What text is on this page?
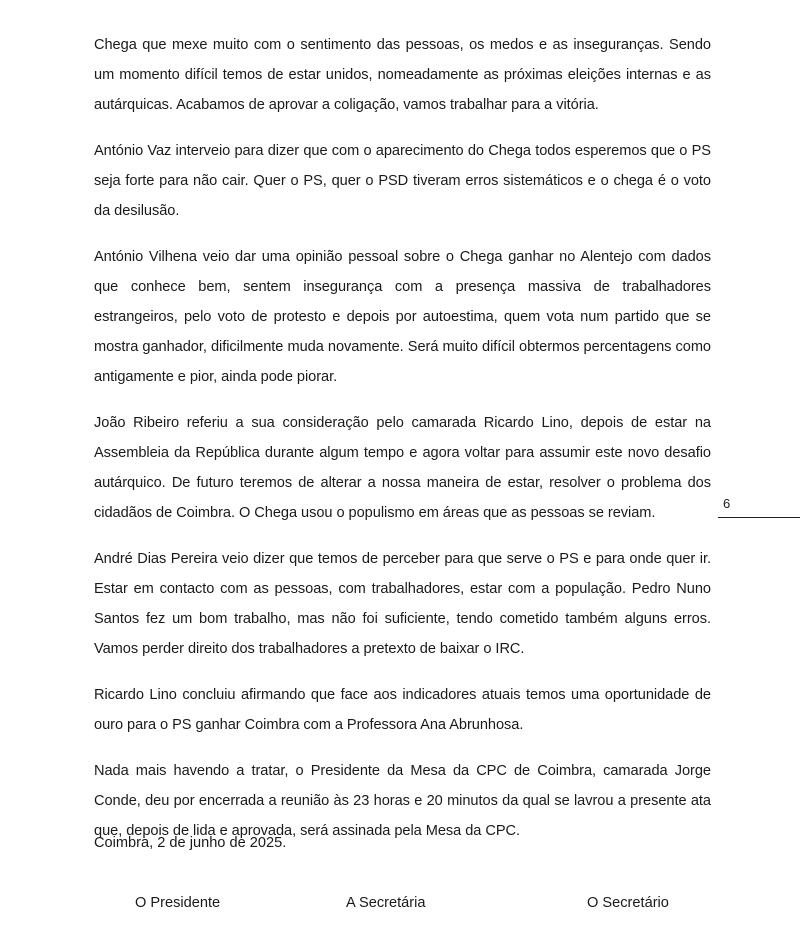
Chega que mexe muito com o sentimento das pessoas, os medos e as inseguranças. Sendo um momento difícil temos de estar unidos, nomeadamente as próximas eleições internas e as autárquicas. Acabamos de aprovar a coligação, vamos trabalhar para a vitória.

António Vaz interveio para dizer que com o aparecimento do Chega todos esperemos que o PS seja forte para não cair. Quer o PS, quer o PSD tiveram erros sistemáticos e o chega é o voto da desilusão.

António Vilhena veio dar uma opinião pessoal sobre o Chega ganhar no Alentejo com dados que conhece bem, sentem insegurança com a presença massiva de trabalhadores estrangeiros, pelo voto de protesto e depois por autoestima, quem vota num partido que se mostra ganhador, dificilmente muda novamente. Será muito difícil obtermos percentagens como antigamente e pior, ainda pode piorar.

João Ribeiro referiu a sua consideração pelo camarada Ricardo Lino, depois de estar na Assembleia da República durante algum tempo e agora voltar para assumir este novo desafio autárquico. De futuro teremos de alterar a nossa maneira de estar, resolver o problema dos cidadãos de Coimbra. O Chega usou o populismo em áreas que as pessoas se reviam.

André Dias Pereira veio dizer que temos de perceber para que serve o PS e para onde quer ir. Estar em contacto com as pessoas, com trabalhadores, estar com a população. Pedro Nuno Santos fez um bom trabalho, mas não foi suficiente, tendo cometido também alguns erros. Vamos perder direito dos trabalhadores a pretexto de baixar o IRC.

Ricardo Lino concluiu afirmando que face aos indicadores atuais temos uma oportunidade de ouro para o PS ganhar Coimbra com a Professora Ana Abrunhosa.

Nada mais havendo a tratar, o Presidente da Mesa da CPC de Coimbra, camarada Jorge Conde, deu por encerrada a reunião às 23 horas e 20 minutos da qual se lavrou a presente ata que, depois de lida e aprovada, será assinada pela Mesa da CPC.

Coimbra, 2 de junho de 2025.

O Presidente	A Secretária	O Secretário
6
